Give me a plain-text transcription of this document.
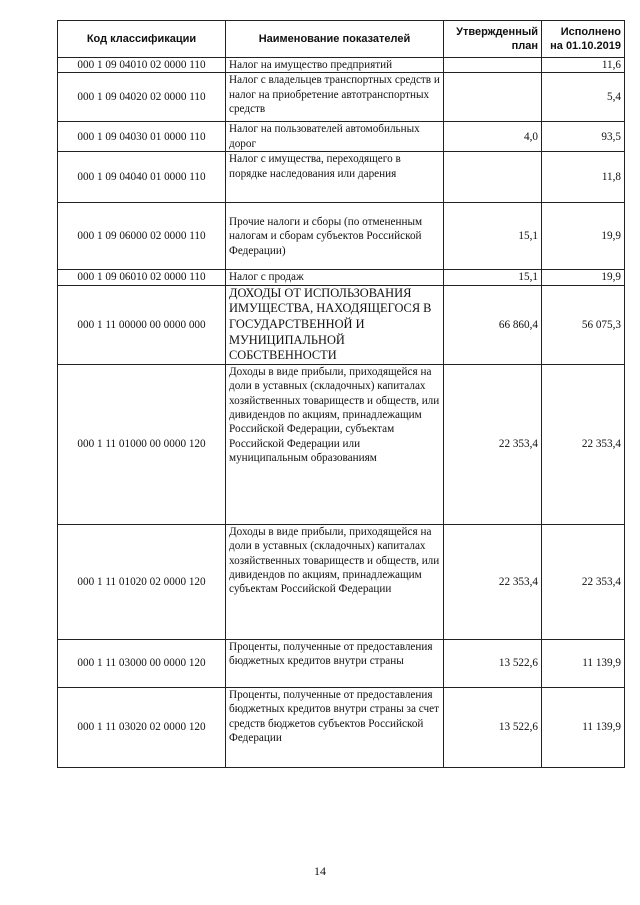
Код классификации	Наименование показателей	Утвержденный план	Исполнено на 01.10.2019
000 1 09 04010 02 0000 110	Налог на имущество предприятий		11,6
000 1 09 04020 02 0000 110	Налог с владельцев транспортных средств и налог на приобретение автотранспортных средств		5,4
000 1 09 04030 01 0000 110	Налог на пользователей автомобильных дорог	4,0	93,5
000 1 09 04040 01 0000 110	Налог с имущества, переходящего в порядке наследования или дарения		11,8
000 1 09 06000 02 0000 110	Прочие налоги и сборы (по отмененным налогам и сборам субъектов Российской Федерации)	15,1	19,9
000 1 09 06010 02 0000 110	Налог с продаж	15,1	19,9
000 1 11 00000 00 0000 000	ДОХОДЫ ОТ ИСПОЛЬЗОВАНИЯ ИМУЩЕСТВА, НАХОДЯЩЕГОСЯ В ГОСУДАРСТВЕННОЙ И МУНИЦИПАЛЬНОЙ СОБСТВЕННОСТИ	66 860,4	56 075,3
000 1 11 01000 00 0000 120	Доходы в виде прибыли, приходящейся на доли в уставных (складочных) капиталах хозяйственных товариществ и обществ, или дивидендов по акциям, принадлежащим Российской Федерации, субъектам Российской Федерации или муниципальным образованиям	22 353,4	22 353,4
000 1 11 01020 02 0000 120	Доходы в виде прибыли, приходящейся на доли в уставных (складочных) капиталах хозяйственных товариществ и обществ, или дивидендов по акциям, принадлежащим субъектам Российской Федерации	22 353,4	22 353,4
000 1 11 03000 00 0000 120	Проценты, полученные от предоставления бюджетных кредитов внутри страны	13 522,6	11 139,9
000 1 11 03020 02 0000 120	Проценты, полученные от предоставления бюджетных кредитов внутри страны за счет средств бюджетов субъектов Российской Федерации	13 522,6	11 139,9
14
